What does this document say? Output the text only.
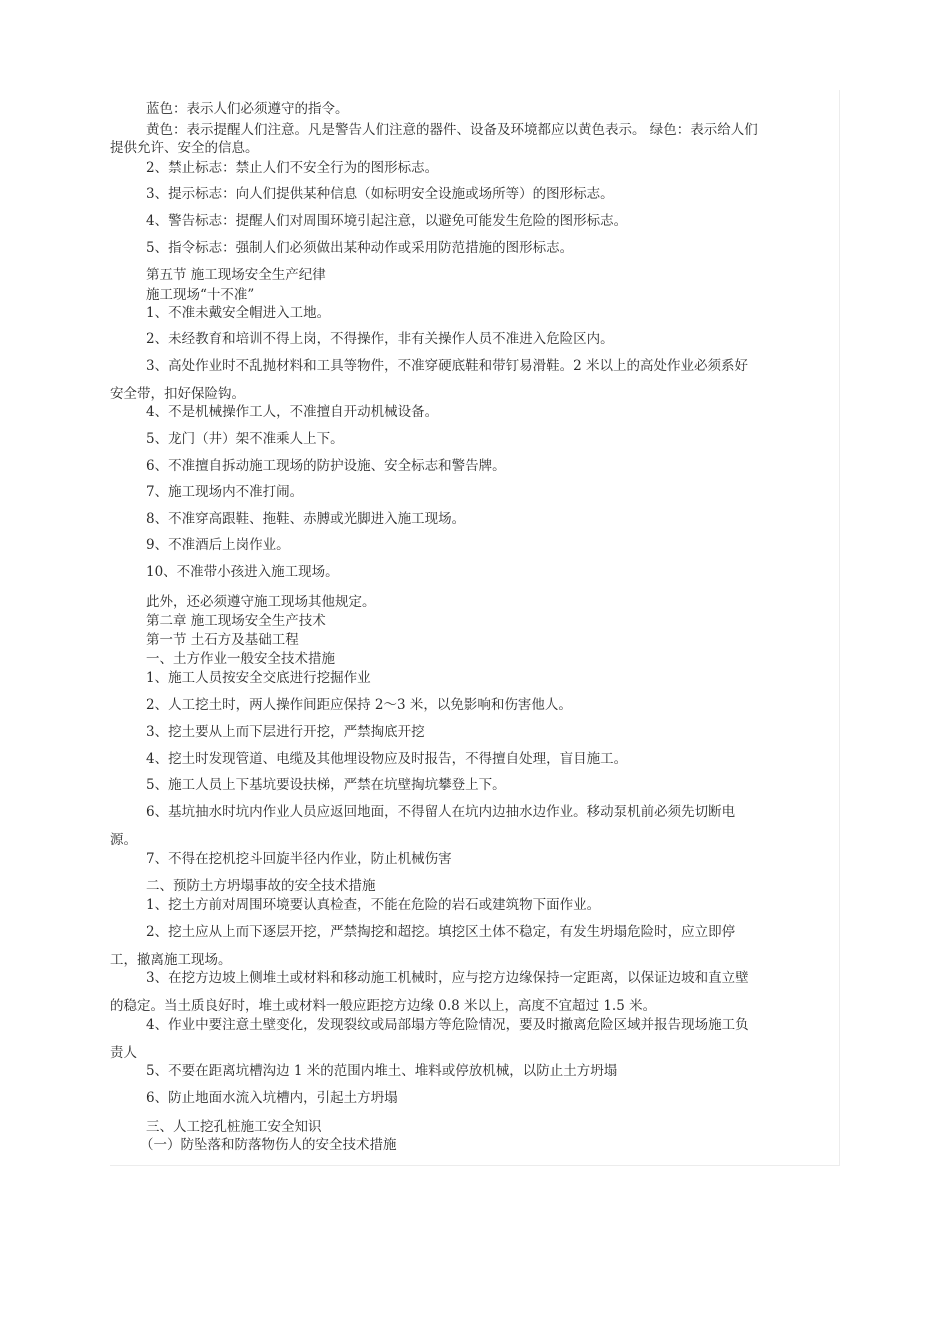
蓝色：表示人们必须遵守的指令。
黄色：表示提醒人们注意。凡是警告人们注意的器件、设备及环境都应以黄色表示。 绿色：表示给人们
提供允许、安全的信息。
2、禁止标志：禁止人们不安全行为的图形标志。
3、提示标志：向人们提供某种信息（如标明安全设施或场所等）的图形标志。
4、警告标志：提醒人们对周围环境引起注意，以避免可能发生危险的图形标志。
5、指令标志：强制人们必须做出某种动作或采用防范措施的图形标志。
第五节 施工现场安全生产纪律
施工现场“十不准”
1、不准未戴安全帽进入工地。
2、未经教育和培训不得上岗，不得操作，非有关操作人员不准进入危险区内。
3、高处作业时不乱抛材料和工具等物件，不准穿硬底鞋和带钉易滑鞋。2 米以上的高处作业必须系好
安全带，扣好保险钩。
4、不是机械操作工人，不准擅自开动机械设备。
5、龙门（井）架不准乘人上下。
6、不准擅自拆动施工现场的防护设施、安全标志和警告牌。
7、施工现场内不准打闹。
8、不准穿高跟鞋、拖鞋、赤膊或光脚进入施工现场。
9、不准酒后上岗作业。
10、不准带小孩进入施工现场。
此外，还必须遵守施工现场其他规定。
第二章 施工现场安全生产技术
第一节 土石方及基础工程
一、土方作业一般安全技术措施
1、施工人员按安全交底进行挖掘作业
2、人工挖土时，两人操作间距应保持 2～3 米，以免影响和伤害他人。
3、挖土要从上而下层进行开挖，严禁掏底开挖
4、挖土时发现管道、电缆及其他埋设物应及时报告，不得擅自处理，盲目施工。
5、施工人员上下基坑要设扶梯，严禁在坑壁掏坑攀登上下。
6、基坑抽水时坑内作业人员应返回地面，不得留人在坑内边抽水边作业。移动泵机前必须先切断电
源。
7、不得在挖机挖斗回旋半径内作业，防止机械伤害
二、预防土方坍塌事故的安全技术措施
1、挖土方前对周围环境要认真检查，不能在危险的岩石或建筑物下面作业。
2、挖土应从上而下逐层开挖，严禁掏挖和超挖。填挖区土体不稳定，有发生坍塌危险时，应立即停
工，撤离施工现场。
3、在挖方边坡上侧堆土或材料和移动施工机械时，应与挖方边缘保持一定距离，以保证边坡和直立壁
的稳定。当土质良好时，堆土或材料一般应距挖方边缘 0.8 米以上，高度不宜超过 1.5 米。
4、作业中要注意土壁变化，发现裂纹或局部塌方等危险情况，要及时撤离危险区域并报告现场施工负
责人
5、不要在距离坑槽沟边 1 米的范围内堆土、堆料或停放机械，以防止土方坍塌
6、防止地面水流入坑槽内，引起土方坍塌
三、人工挖孔桩施工安全知识
（一）防坠落和防落物伤人的安全技术措施
